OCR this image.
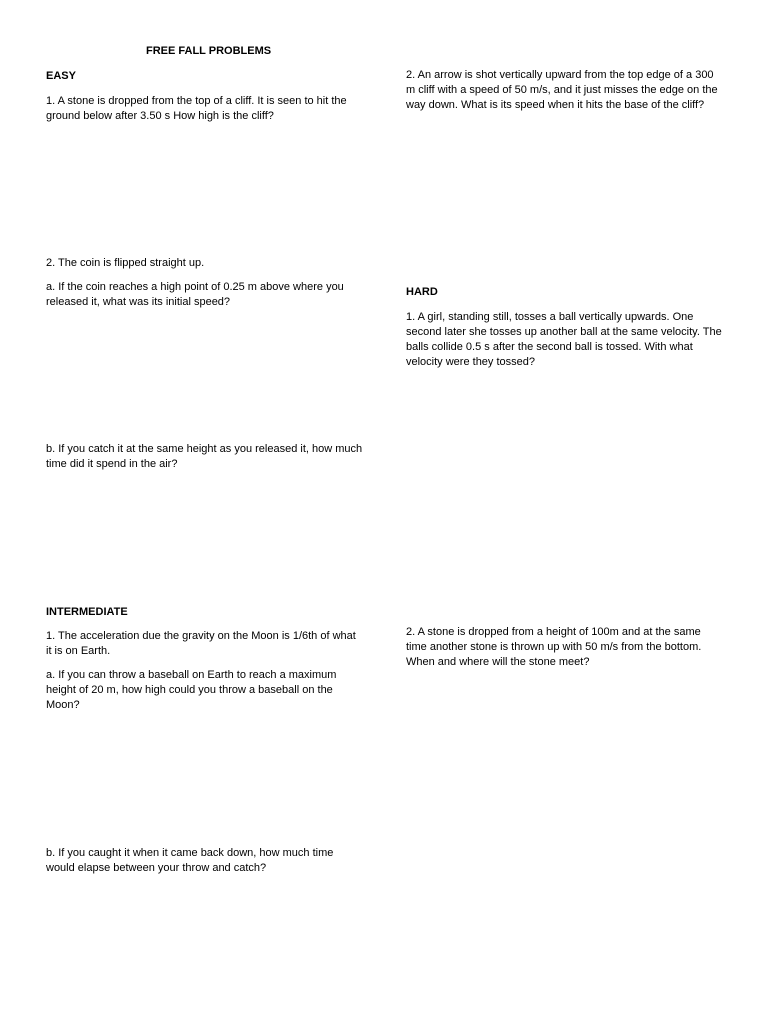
FREE FALL PROBLEMS
EASY

1. A stone is dropped from the top of a cliff. It is seen to hit the ground below after 3.50 s How high is the cliff?

2. An arrow is shot vertically upward from the top edge of a 300 m cliff with a speed of 50 m/s, and it just misses the edge on the way down. What is its speed when it hits the base of the cliff?

2. The coin is flipped straight up.

a. If the coin reaches a high point of 0.25 m above where you released it, what was its initial speed?

b. If you catch it at the same height as you released it, how much time did it spend in the air?

HARD

1. A girl, standing still, tosses a ball vertically upwards. One second later she tosses up another ball at the same velocity. The balls collide 0.5 s after the second ball is tossed. With what velocity were they tossed?

INTERMEDIATE

1. The acceleration due the gravity on the Moon is 1/6th of what it is on Earth.

a. If you can throw a baseball on Earth to reach a maximum height of 20 m, how high could you throw a baseball on the Moon?

b. If you caught it when it came back down, how much time would elapse between your throw and catch?

2. A stone is dropped from a height of 100m and at the same time another stone is thrown up with 50 m/s from the bottom. When and where will the stone meet?
